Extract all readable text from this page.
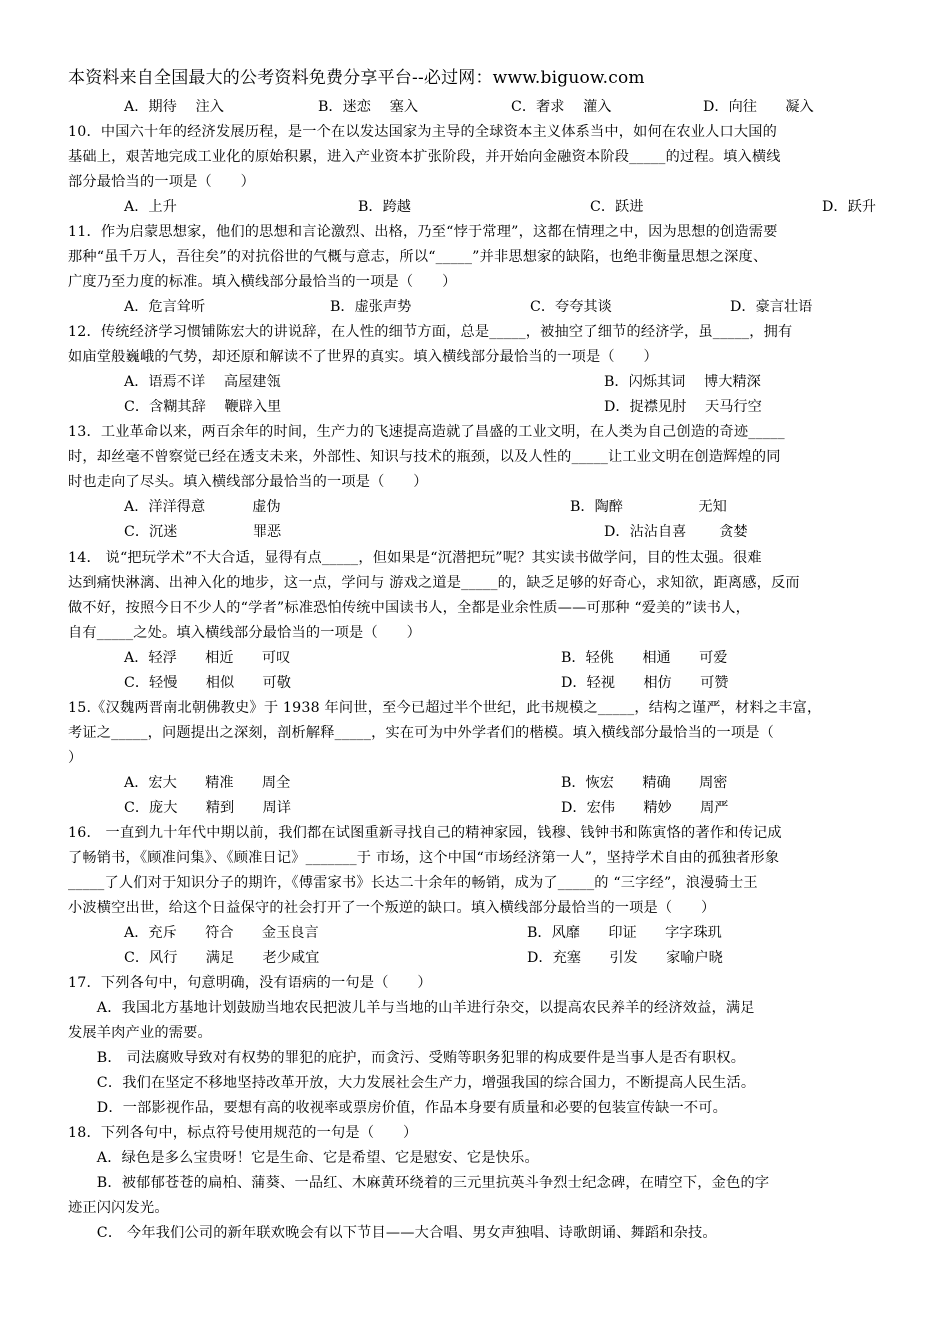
本资料来自全国最大的公考资料免费分享平台--必过网：www.biguow.com
A．期待　 注入	B．迷恋　 塞入	C．奢求　 灌入	D．向往　　凝入
10．中国六十年的经济发展历程，是一个在以发达国家为主导的全球资本主义体系当中，如何在农业人口大国的
基础上，艰苦地完成工业化的原始积累，进入产业资本扩张阶段，并开始向金融资本阶段_____的过程。填入横线
部分最恰当的一项是（　　）
A．上升	B．跨越	C．跃进	D．跃升
11．作为启蒙思想家，他们的思想和言论激烈、出格，乃至“悖于常理”，这都在情理之中，因为思想的创造需要
那种“虽千万人，吾往矣”的对抗俗世的气概与意志，所以“_____”并非思想家的缺陷，也绝非衡量思想之深度、
广度乃至力度的标准。填入横线部分最恰当的一项是（　　）
A．危言耸听	B．虚张声势	C．夸夸其谈	D．豪言壮语
12．传统经济学习惯铺陈宏大的讲说辞，在人性的细节方面，总是_____，被抽空了细节的经济学，虽_____，拥有
如庙堂般巍峨的气势，却还原和解读不了世界的真实。填入横线部分最恰当的一项是（　　）
A．语焉不详　 高屋建瓴	B．闪烁其词　 博大精深
C．含糊其辞　 鞭辟入里	D．捉襟见肘　 天马行空
13．工业革命以来，两百余年的时间，生产力的飞速提高造就了昌盛的工业文明，在人类为自己创造的奇迹_____
时，却丝毫不曾察觉已经在透支未来，外部性、知识与技术的瓶颈，以及人性的_____让工业文明在创造辉煌的同
时也走向了尽头。填入横线部分最恰当的一项是（　　）
A．洋洋得意　　　 虚伪	B．陶醉　　　　　 无知
C．沉迷　　　　　 罪恶	D．沾沾自喜　　 贪婪
14． 说“把玩学术”不大合适，显得有点_____，但如果是“沉潜把玩”呢？其实读书做学问，目的性太强。很难
达到痛快淋漓、出神入化的地步，这一点，学问与 游戏之道是_____的，缺乏足够的好奇心，求知欲，距离感，反而
做不好，按照今日不少人的“学者”标准恐怕传统中国读书人，全都是业余性质——可那种 “爱美的”读书人，
自有_____之处。填入横线部分最恰当的一项是（　　）
A．轻浮　　相近　　可叹	B．轻佻　　相通　　可爱
C．轻慢　　相似　　可敬	D．轻视　　相仿　　可赞
15.《汉魏两晋南北朝佛教史》于 1938 年问世，至今已超过半个世纪，此书规模之_____，结构之谨严，材料之丰富，
考证之_____，问题提出之深刻，剖析解释_____，实在可为中外学者们的楷模。填入横线部分最恰当的一项是（
）
A．宏大　　精准　　周全	B．恢宏　　精确　　周密
C．庞大　　精到　　周详	D．宏伟　　精妙　　周严
16． 一直到九十年代中期以前，我们都在试图重新寻找自己的精神家园，钱穆、钱钟书和陈寅恪的著作和传记成
了畅销书，《顾准问集》、《顾准日记》_______于 市场，这个中国“市场经济第一人”，坚持学术自由的孤独者形象
_____了人们对于知识分子的期许，《傅雷家书》长达二十余年的畅销，成为了_____的 “三字经”，浪漫骑士王
小波横空出世，给这个日益保守的社会打开了一个叛逆的缺口。填入横线部分最恰当的一项是（　　）
A．充斥　　符合　　金玉良言	B．风靡　　印证　　字字珠玑
C．风行　　满足　　老少咸宜	D．充塞　　引发　　家喻户晓
17．下列各句中，句意明确，没有语病的一句是（　　）
　　A．我国北方基地计划鼓励当地农民把波儿羊与当地的山羊进行杂交，以提高农民养羊的经济效益，满足
发展羊肉产业的需要。
　　B． 司法腐败导致对有权势的罪犯的庇护，而贪污、受贿等职务犯罪的构成要件是当事人是否有职权。
　　C．我们在坚定不移地坚持改革开放，大力发展社会生产力，增强我国的综合国力，不断提高人民生活。
　　D．一部影视作品，要想有高的收视率或票房价值，作品本身要有质量和必要的包装宣传缺一不可。
18．下列各句中，标点符号使用规范的一句是（　　）
　　A．绿色是多么宝贵呀！它是生命、它是希望、它是慰安、它是快乐。
　　B．被郁郁苍苍的扁柏、蒲葵、一品红、木麻黄环绕着的三元里抗英斗争烈士纪念碑，在晴空下，金色的字
迹正闪闪发光。
　　C． 今年我们公司的新年联欢晚会有以下节目——大合唱、男女声独唱、诗歌朗诵、舞蹈和杂技。
